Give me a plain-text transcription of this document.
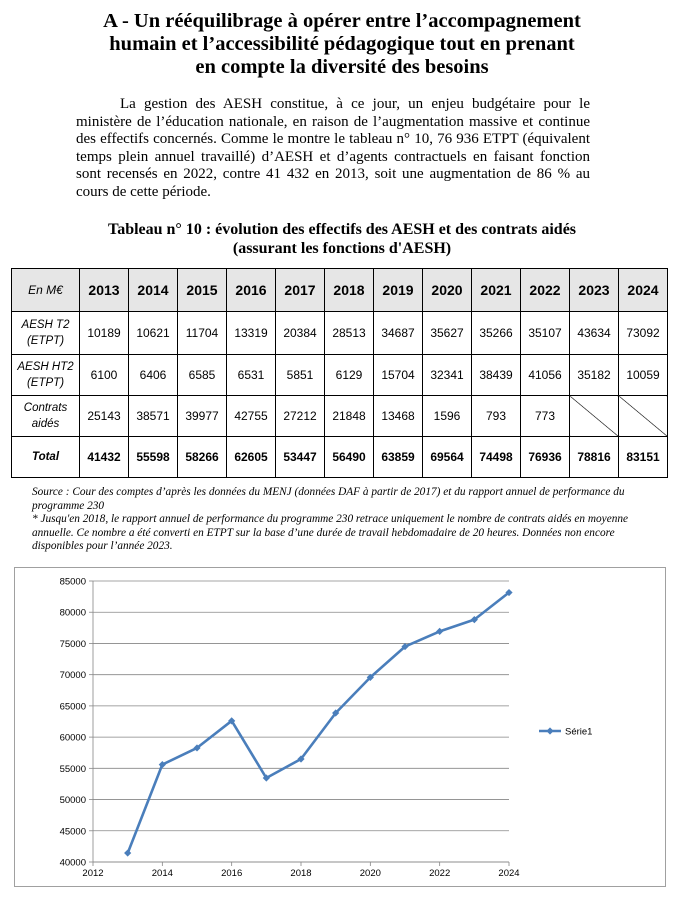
A - Un rééquilibrage à opérer entre l’accompagnement
humain et l’accessibilité pédagogique tout en prenant
en compte la diversité des besoins

La gestion des AESH constitue, à ce jour, un enjeu budgétaire pour le ministère de l’éducation nationale, en raison de l’augmentation massive et continue des effectifs concernés. Comme le montre le tableau n° 10, 76 936 ETPT (équivalent temps plein annuel travaillé) d’AESH et d’agents contractuels en faisant fonction sont recensés en 2022, contre 41 432 en 2013, soit une augmentation de 86 % au cours de cette période.

Tableau n° 10 : évolution des effectifs des AESH et des contrats aidés
(assurant les fonctions d'AESH)
En M€	2013	2014	2015	2016	2017	2018	2019	2020	2021	2022	2023	2024
AESH T2
(ETPT)	10189	10621	11704	13319	20384	28513	34687	35627	35266	35107	43634	73092
AESH HT2
(ETPT)	6100	6406	6585	6531	5851	6129	15704	32341	38439	41056	35182	10059
Contrats
aidés	25143	38571	39977	42755	27212	21848	13468	1596	793	773		
Total	41432	55598	58266	62605	53447	56490	63859	69564	74498	76936	78816	83151

Source : Cour des comptes d’après les données du MENJ (données DAF à partir de 2017) et du rapport annuel de performance du programme 230

* Jusqu'en 2018, le rapport annuel de performance du programme 230 retrace uniquement le nombre de contrats aidés en moyenne annuelle. Ce nombre a été converti en ETPT sur la base d’une durée de travail hebdomadaire de 20 heures. Données non encore disponibles pour l’année 2023.

40000
45000
50000
55000
60000
65000
70000
75000
80000
85000
2012	2014	2016	2018	2020	2022	2024
Série1
